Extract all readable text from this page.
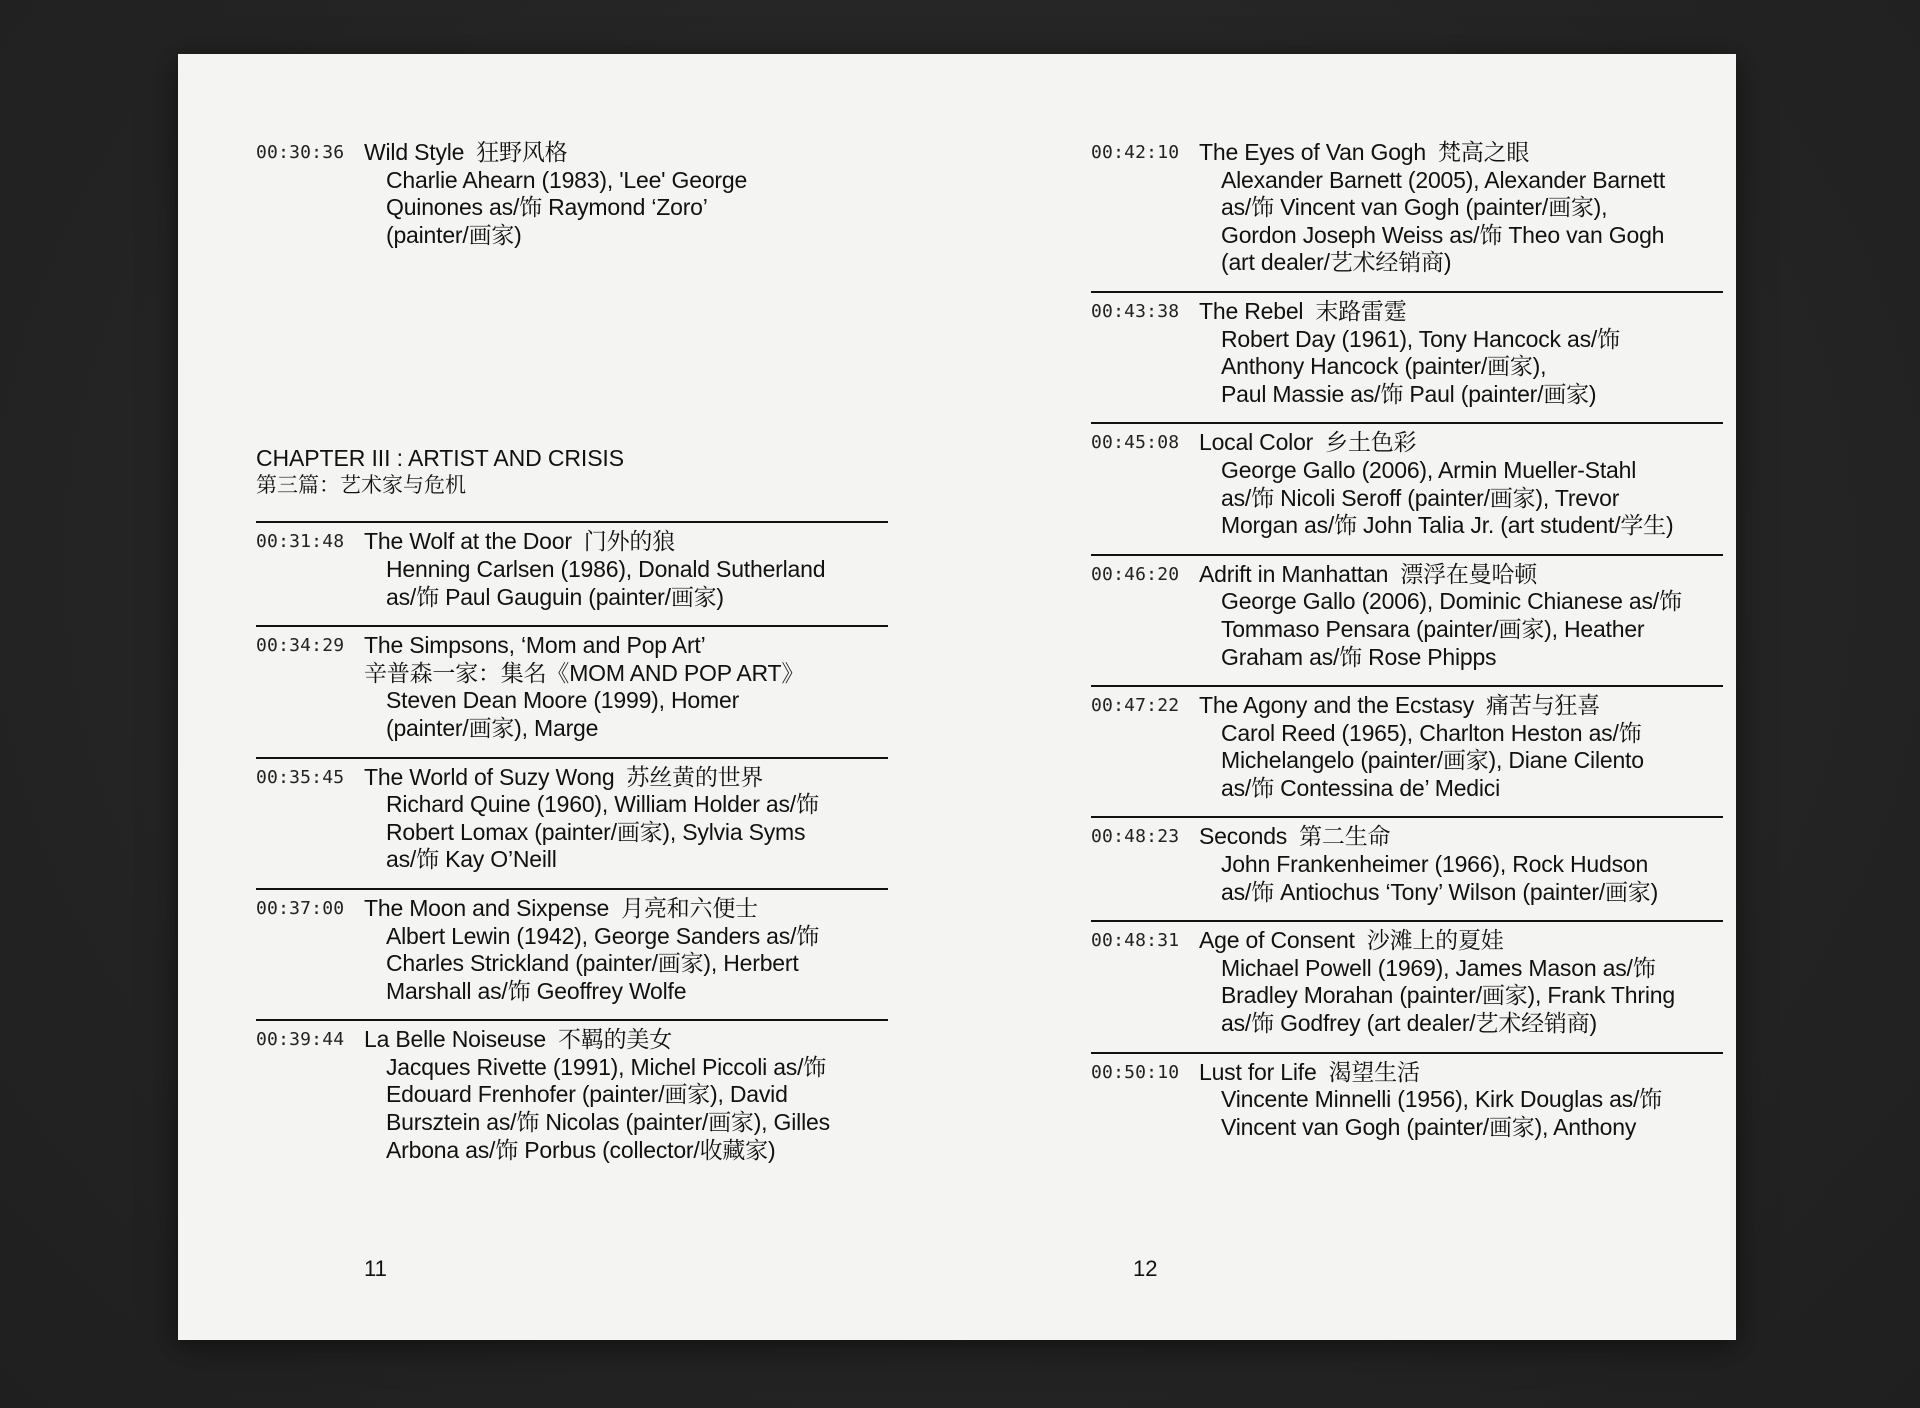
00:30:36 Wild Style 狂野风格
Charlie Ahearn (1983), 'Lee' George
Quinones as/饰 Raymond ‘Zoro’
(painter/画家)
CHAPTER III : ARTIST AND CRISIS
第三篇：艺术家与危机
00:31:48 The Wolf at the Door 门外的狼
Henning Carlsen (1986), Donald Sutherland
as/饰 Paul Gauguin (painter/画家)
00:34:29 The Simpsons, ‘Mom and Pop Art’
辛普森一家：集名《MOM AND POP ART》
Steven Dean Moore (1999), Homer
(painter/画家), Marge
00:35:45 The World of Suzy Wong 苏丝黄的世界
Richard Quine (1960), William Holder as/饰
Robert Lomax (painter/画家), Sylvia Syms
as/饰 Kay O’Neill
00:37:00 The Moon and Sixpense 月亮和六便士
Albert Lewin (1942), George Sanders as/饰
Charles Strickland (painter/画家), Herbert
Marshall as/饰 Geoffrey Wolfe
00:39:44 La Belle Noiseuse 不羁的美女
Jacques Rivette (1991), Michel Piccoli as/饰
Edouard Frenhofer (painter/画家), David
Bursztein as/饰 Nicolas (painter/画家), Gilles
Arbona as/饰 Porbus (collector/收藏家)
11
00:42:10 The Eyes of Van Gogh 梵高之眼
Alexander Barnett (2005), Alexander Barnett
as/饰 Vincent van Gogh (painter/画家),
Gordon Joseph Weiss as/饰 Theo van Gogh
(art dealer/艺术经销商)
00:43:38 The Rebel 末路雷霆
Robert Day (1961), Tony Hancock as/饰
Anthony Hancock (painter/画家),
Paul Massie as/饰 Paul (painter/画家)
00:45:08 Local Color 乡土色彩
George Gallo (2006), Armin Mueller-Stahl
as/饰 Nicoli Seroff (painter/画家), Trevor
Morgan as/饰 John Talia Jr. (art student/学生)
00:46:20 Adrift in Manhattan 漂浮在曼哈顿
George Gallo (2006), Dominic Chianese as/饰
Tommaso Pensara (painter/画家), Heather
Graham as/饰 Rose Phipps
00:47:22 The Agony and the Ecstasy 痛苦与狂喜
Carol Reed (1965), Charlton Heston as/饰
Michelangelo (painter/画家), Diane Cilento
as/饰 Contessina de’ Medici
00:48:23 Seconds 第二生命
John Frankenheimer (1966), Rock Hudson
as/饰 Antiochus ‘Tony’ Wilson (painter/画家)
00:48:31 Age of Consent 沙滩上的夏娃
Michael Powell (1969), James Mason as/饰
Bradley Morahan (painter/画家), Frank Thring
as/饰 Godfrey (art dealer/艺术经销商)
00:50:10 Lust for Life 渴望生活
Vincente Minnelli (1956), Kirk Douglas as/饰
Vincent van Gogh (painter/画家), Anthony
12
